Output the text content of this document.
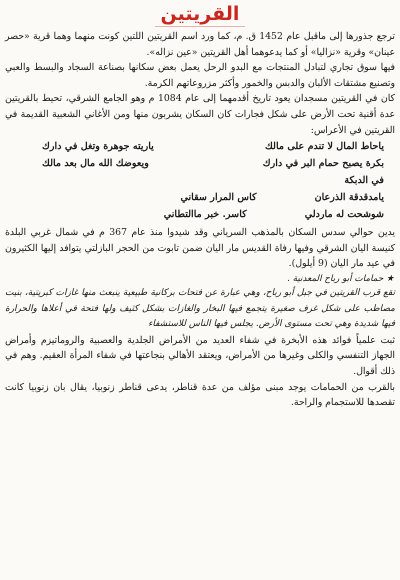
القريتين

ترجع جذورها إلى ماقبل عام 1452 ق. م، كما ورد اسم القريتين اللتين كونت منهما وهما قرية «حصر عينان» وقرية «نزاليا» أو كما يدعوهما أهل القريتين «عين نزاله».

فيها سوق تجاري لتبادل المنتجات مع البدو الرحل يعمل بعض سكانها بصناعة السجاد والبسط والعبي وتصنيع مشتقات الألبان والدبس والخمور وأكثر مزروعاتهم الكرمة.

كان في القريتين مسجدان يعود تاريخ أقدمهما إلى عام 1084 م وهو الجامع الشرقي، تحيط بالقريتين عدة أقنية تحت الأرض على شكل فجارات كان السكان يشربون منها ومن الأغاني الشعبية القديمة في القريتين في الأعراس:

ياحاط المال لا تندم على مالك
ياريته جوهرة وتغل في دارك
بكرة يصبح حمام البر في دارك
ويعوضك الله مال بعد مالك
في الدبكة
يامدقدقة الذرعان
كاس المرار سقاني
شوشحت له ماردلي
كاسر. خبر ماالتطاني

يدين حوالي سدس السكان بالمذهب السرياني وقد شيدوا منذ عام 367 م في شمال غربي البلدة كنيسة اليان الشرقي وفيها رفاة القديس مار اليان ضمن تابوت من الحجر البازلتي يتوافد إليها الكثيرون في عيد مار اليان (9 أيلول).

★ حمامات أبو رباح المعدنية .

تقع قرب القريتين في جبل أبو رباح، وهي عبارة عن فتحات بركانية طبيعية ينبعث منها غازات كبريتية، بنيت مصاطب على شكل غرف صغيرة يتجمع فيها البخار والغازات بشكل كثيف ولها فتحة في أعلاها والحرارة فيها شديدة وهي تحت مستوى الأرض. يجلس فيها الناس للاستشفاء

ثبت علمياً فوائد هذه الأبخرة في شفاء العديد من الأمراض الجلدية والعصبية والروماتيزم وأمراض الجهاز التنفسي والكلى وغيرها من الأمراض، ويعتقد الأهالي بنجاعتها في شفاء المرأة العقيم. وهم في ذلك أقوال.

بالقرب من الحمامات يوجد مبنى مؤلف من عدة قناطر، يدعى قناطر زنوبيا، يقال بان زنوبيا كانت تقصدها للاستجمام والراحة.
